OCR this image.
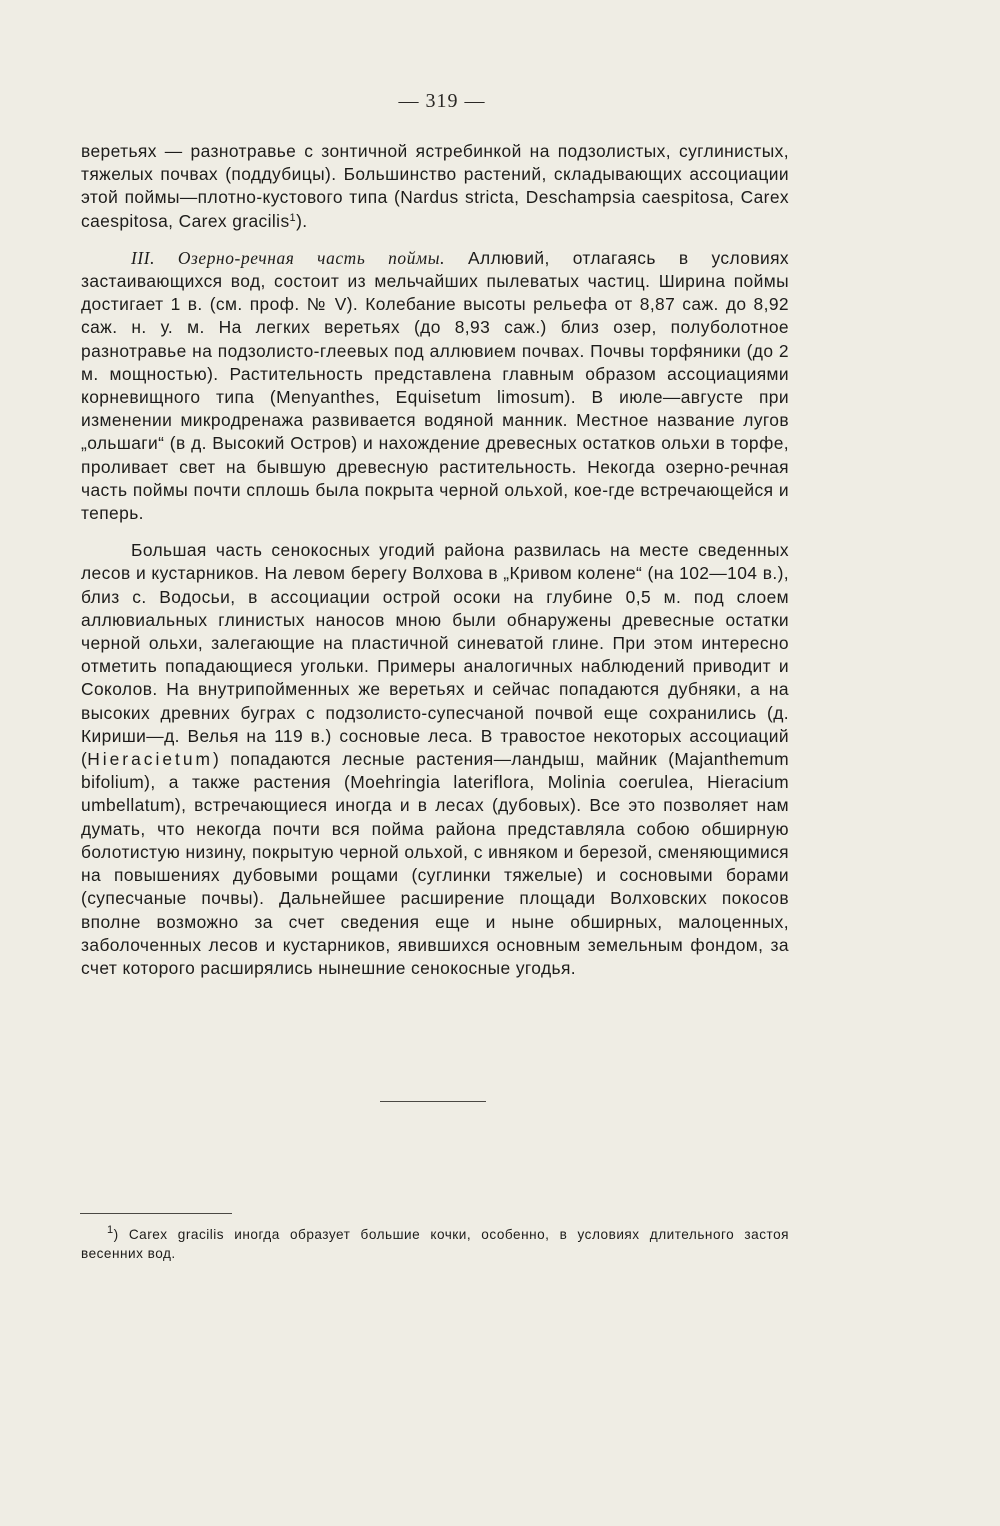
— 319 —

веретьях — разнотравье с зонтичной ястребинкой на подзолистых, суглинистых, тяжелых почвах (поддубицы). Большинство растений, складывающих ассоциации этой поймы—плотно-кустового типа (Nardus stricta, Deschampsia caespitosa, Carex caespitosa, Carex gracilis$^1$).

III. Озерно-речная часть поймы. Аллювий, отлагаясь в условиях застаивающихся вод, состоит из мельчайших пылеватых частиц. Ширина поймы достигает 1 в. (см. проф. № V). Колебание высоты рельефа от 8,87 саж. до 8,92 саж. н. у. м. На легких веретьях (до 8,93 саж.) близ озер, полуболотное разнотравье на подзолисто-глеевых под аллювием почвах. Почвы торфяники (до 2 м. мощностью). Растительность представлена главным образом ассоциациями корневищного типа (Menyanthes, Equisetum limosum). В июле—августе при изменении микродренажа развивается водяной манник. Местное название лугов „ольшаги“ (в д. Высокий Остров) и нахождение древесных остатков ольхи в торфе, проливает свет на бывшую древесную растительность. Некогда озерно-речная часть поймы почти сплошь была покрыта черной ольхой, кое-где встречающейся и теперь.

Большая часть сенокосных угодий района развилась на месте сведенных лесов и кустарников. На левом берегу Волхова в „Кривом колене“ (на 102—104 в.), близ с. Водосьи, в ассоциации острой осоки на глубине 0,5 м. под слоем аллювиальных глинистых наносов мною были обнаружены древесные остатки черной ольхи, залегающие на пластичной синеватой глине. При этом интересно отметить попадающиеся угольки. Примеры аналогичных наблюдений приводит и Соколов. На внутрипойменных же веретьях и сейчас попадаются дубняки, а на высоких древних буграх с подзолисто-супесчаной почвой еще сохранились (д. Кириши—д. Велья на 119 в.) сосновые леса. В травостое некоторых ассоциаций (Hieracietum) попадаются лесные растения—ландыш, майник (Majanthemum bifolium), а также растения (Moehringia lateriflora, Molinia coerulea, Hieracium umbellatum), встречающиеся иногда и в лесах (дубовых). Все это позволяет нам думать, что некогда почти вся пойма района представляла собою обширную болотистую низину, покрытую черной ольхой, с ивняком и березой, сменяющимися на повышениях дубовыми рощами (суглинки тяжелые) и сосновыми борами (супесчаные почвы). Дальнейшее расширение площади Волховских покосов вполне возможно за счет сведения еще и ныне обширных, малоценных, заболоченных лесов и кустарников, явившихся основным земельным фондом, за счет которого расширялись нынешние сенокосные угодья.

$^1$) Carex gracilis иногда образует большие кочки, особенно, в условиях длительного застоя весенних вод.
